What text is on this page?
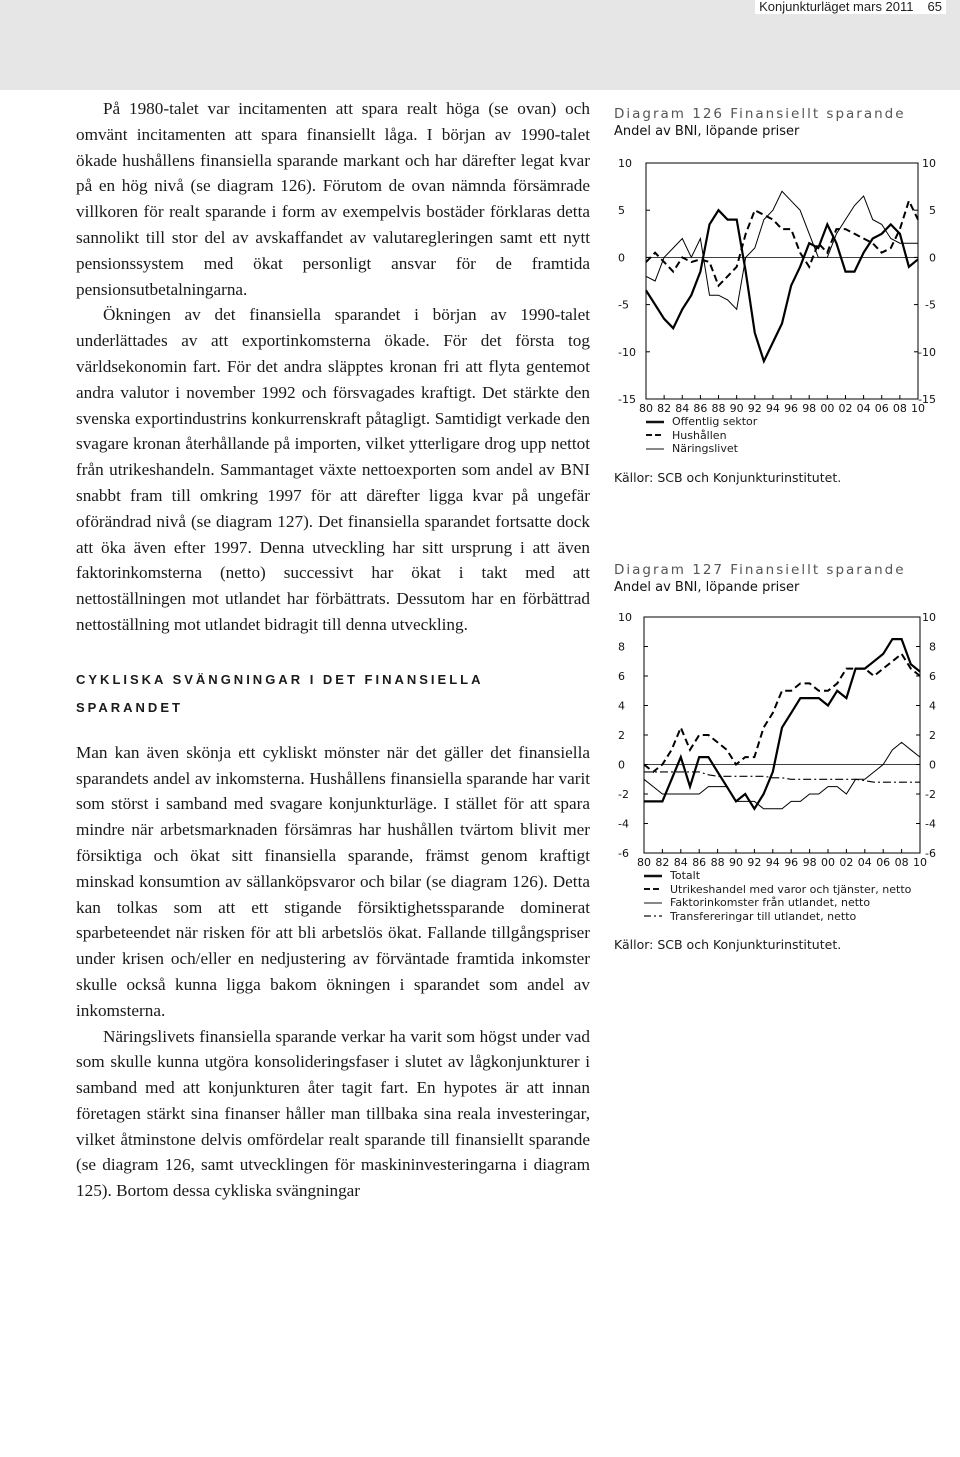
Konjunkturläget mars 2011 65

På 1980-talet var incitamenten att spara realt höga (se ovan) och omvänt incitamenten att spara finansiellt låga. I början av 1990-talet ökade hushållens finansiella sparande markant och har därefter legat kvar på en hög nivå (se diagram 126). Förutom de ovan nämnda försämrade villkoren för realt sparande i form av exempelvis bostäder förklaras detta sannolikt till stor del av avskaffandet av valutaregleringen samt ett nytt pensionssystem med ökat personligt ansvar för de framtida pensionsutbetalningarna.

Ökningen av det finansiella sparandet i början av 1990-talet underlättades av att exportinkomsterna ökade. För det första tog världsekonomin fart. För det andra släpptes kronan fri att flyta gentemot andra valutor i november 1992 och försvagades kraftigt. Det stärkte den svenska exportindustrins konkurrenskraft påtagligt. Samtidigt verkade den svagare kronan återhållande på importen, vilket ytterligare drog upp nettot från utrikeshandeln. Sammantaget växte nettoexporten som andel av BNI snabbt fram till omkring 1997 för att därefter ligga kvar på ungefär oförändrad nivå (se diagram 127). Det finansiella sparandet fortsatte dock att öka även efter 1997. Denna utveckling har sitt ursprung i att även faktorinkomsterna (netto) successivt har ökat i takt med att nettoställningen mot utlandet har förbättrats. Dessutom har en förbättrad nettoställning mot utlandet bidragit till denna utveckling.

CYKLISKA SVÄNGNINGAR I DET FINANSIELLA SPARANDET

Man kan även skönja ett cykliskt mönster när det gäller det finansiella sparandets andel av inkomsterna. Hushållens finansiella sparande har varit som störst i samband med svagare konjunkturläge. I stället för att spara mindre när arbetsmarknaden försämras har hushållen tvärtom blivit mer försiktiga och ökat sitt finansiella sparande, främst genom kraftigt minskad konsumtion av sällanköpsvaror och bilar (se diagram 126). Detta kan tolkas som att ett stigande försiktighetssparande dominerat sparbeteendet när risken för att bli arbetslös ökat. Fallande tillgångspriser under krisen och/eller en nedjustering av förväntade framtida inkomster skulle också kunna ligga bakom ökningen i sparandet som andel av inkomsterna.

Näringslivets finansiella sparande verkar ha varit som högst under vad som skulle kunna utgöra konsolideringsfaser i slutet av lågkonjunkturer i samband med att konjunkturen åter tagit fart. En hypotes är att innan företagen stärkt sina finanser håller man tillbaka sina reala investeringar, vilket åtminstone delvis omfördelar realt sparande till finansiellt sparande (se diagram 126, samt utvecklingen för maskininvesteringarna i diagram 125). Bortom dessa cykliska svängningar

Diagram 126 Finansiellt sparande
Andel av BNI, löpande priser
10	10
5	5
0	0
-5	-5
-10	-10
-15	-15
80 82 84 86 88 90 92 94 96 98 00 02 04 06 08 10
Offentlig sektor
Hushållen
Näringslivet
Källor: SCB och Konjunkturinstitutet.
Diagram 127 Finansiellt sparande
Andel av BNI, löpande priser
10	10
8	8
6	6
4	4
2	2
0	0
-2	-2
-4	-4
-6	-6
80 82 84 86 88 90 92 94 96 98 00 02 04 06 08 10
Totalt
Utrikeshandel med varor och tjänster, netto
Faktorinkomster från utlandet, netto
Transfereringar till utlandet, netto
Källor: SCB och Konjunkturinstitutet.
